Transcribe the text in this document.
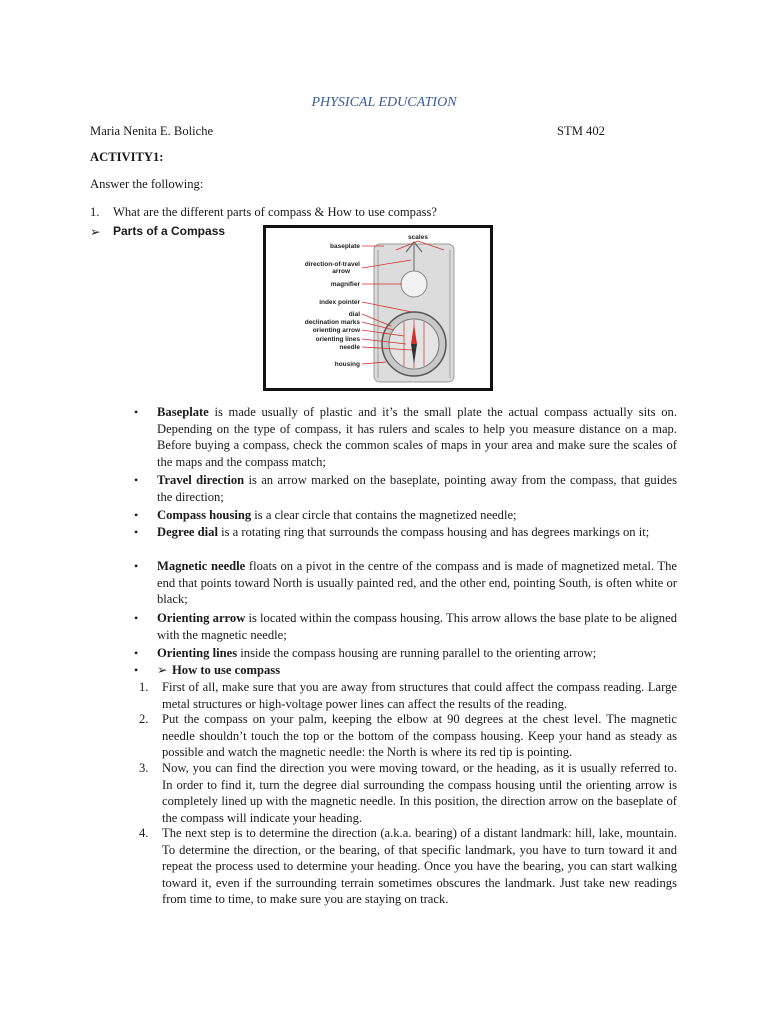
PHYSICAL EDUCATION
Maria Nenita E. Boliche	STM 402
ACTIVITY1:
Answer the following:
1. What are the different parts of compass & How to use compass?
➢ Parts of a Compass
baseplate
direction-of-travel
arrow
magnifier
index pointer
dial
declination marks
orienting arrow
orienting lines
needle
housing
scales
• Baseplate is made usually of plastic and it’s the small plate the actual compass actually sits on. Depending on the type of compass, it has rulers and scales to help you measure distance on a map. Before buying a compass, check the common scales of maps in your area and make sure the scales of the maps and the compass match;
• Travel direction is an arrow marked on the baseplate, pointing away from the compass, that guides the direction;
• Compass housing is a clear circle that contains the magnetized needle;
• Degree dial is a rotating ring that surrounds the compass housing and has degrees markings on it;
• Magnetic needle floats on a pivot in the centre of the compass and is made of magnetized metal. The end that points toward North is usually painted red, and the other end, pointing South, is often white or black;
• Orienting arrow is located within the compass housing. This arrow allows the base plate to be aligned with the magnetic needle;
• Orienting lines inside the compass housing are running parallel to the orienting arrow;
• ➢ How to use compass
1. First of all, make sure that you are away from structures that could affect the compass reading. Large metal structures or high-voltage power lines can affect the results of the reading.
2. Put the compass on your palm, keeping the elbow at 90 degrees at the chest level. The magnetic needle shouldn’t touch the top or the bottom of the compass housing. Keep your hand as steady as possible and watch the magnetic needle: the North is where its red tip is pointing.
3. Now, you can find the direction you were moving toward, or the heading, as it is usually referred to. In order to find it, turn the degree dial surrounding the compass housing until the orienting arrow is completely lined up with the magnetic needle. In this position, the direction arrow on the baseplate of the compass will indicate your heading.
4. The next step is to determine the direction (a.k.a. bearing) of a distant landmark: hill, lake, mountain. To determine the direction, or the bearing, of that specific landmark, you have to turn toward it and repeat the process used to determine your heading. Once you have the bearing, you can start walking toward it, even if the surrounding terrain sometimes obscures the landmark. Just take new readings from time to time, to make sure you are staying on track.
